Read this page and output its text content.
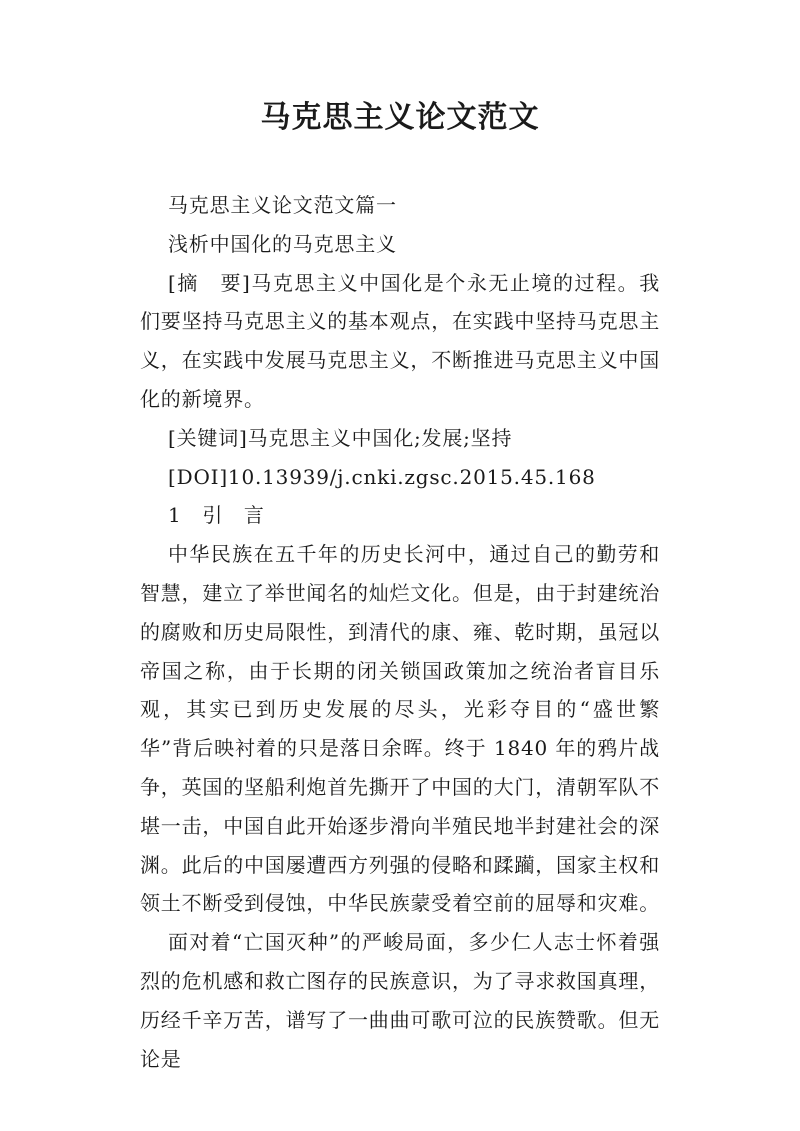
马克思主义论文范文

马克思主义论文范文篇一

浅析中国化的马克思主义

[摘　要]马克思主义中国化是个永无止境的过程。我们要坚持马克思主义的基本观点，在实践中坚持马克思主义，在实践中发展马克思主义，不断推进马克思主义中国化的新境界。

[关键词]马克思主义中国化;发展;坚持

[DOI]10.13939/j.cnki.zgsc.2015.45.168

1　引　言

中华民族在五千年的历史长河中，通过自己的勤劳和智慧，建立了举世闻名的灿烂文化。但是，由于封建统治的腐败和历史局限性，到清代的康、雍、乾时期，虽冠以帝国之称，由于长期的闭关锁国政策加之统治者盲目乐观，其实已到历史发展的尽头，光彩夺目的“盛世繁华”背后映衬着的只是落日余晖。终于 1840 年的鸦片战争，英国的坚船利炮首先撕开了中国的大门，清朝军队不堪一击，中国自此开始逐步滑向半殖民地半封建社会的深渊。此后的中国屡遭西方列强的侵略和蹂躏，国家主权和领土不断受到侵蚀，中华民族蒙受着空前的屈辱和灾难。

面对着“亡国灭种”的严峻局面，多少仁人志士怀着强烈的危机感和救亡图存的民族意识，为了寻求救国真理，历经千辛万苦，谱写了一曲曲可歌可泣的民族赞歌。但无论是
